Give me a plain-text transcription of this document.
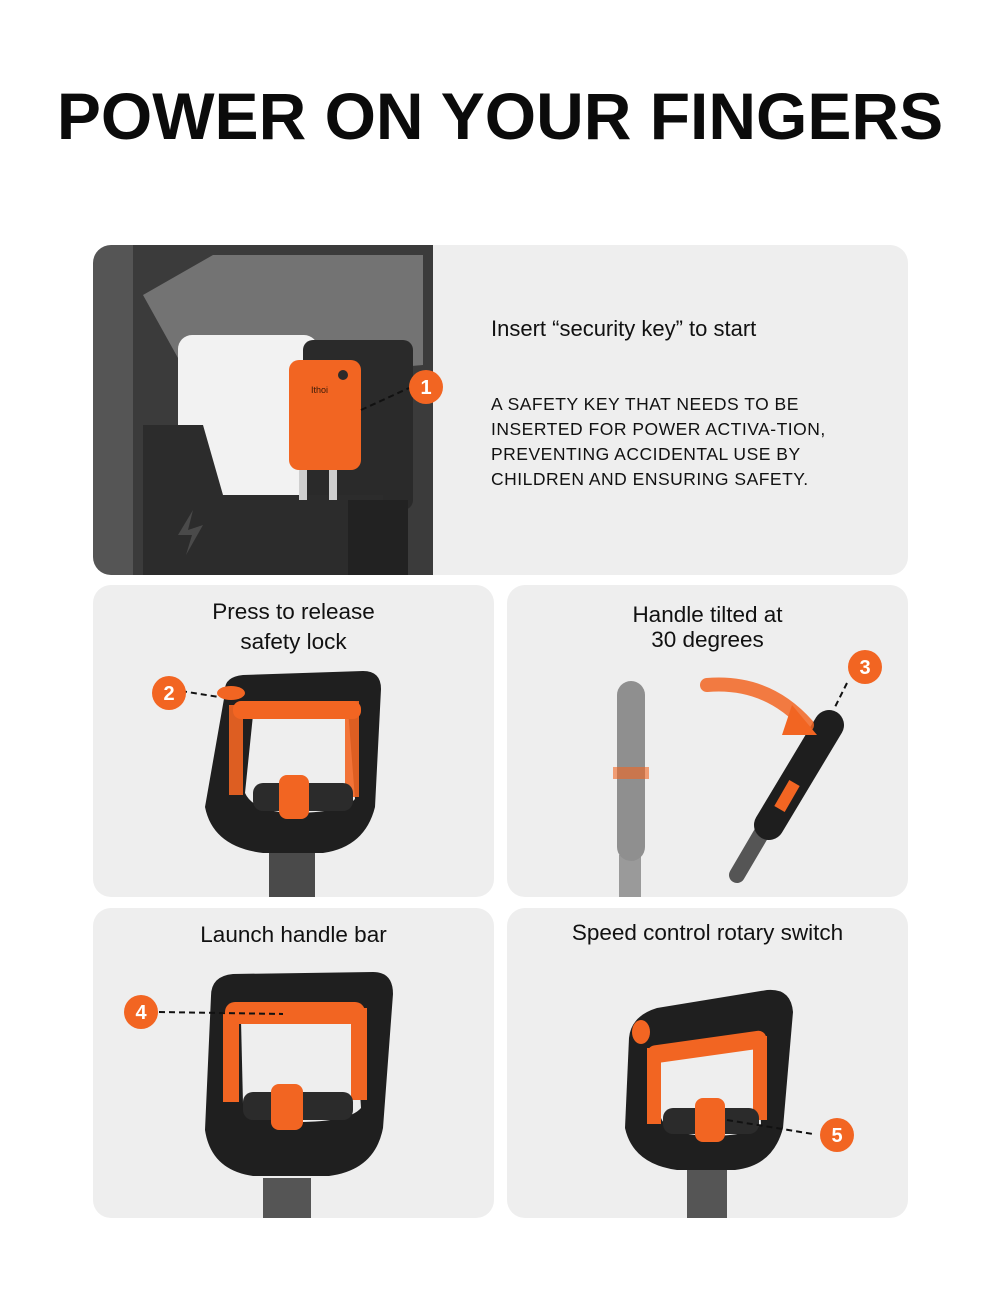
POWER ON YOUR FINGERS
1
Ithoi
Insert “security key” to start
A SAFETY KEY THAT NEEDS TO BE INSERTED FOR POWER ACTIVA-TION, PREVENTING ACCIDENTAL USE BY CHILDREN AND ENSURING SAFETY.
Press to release
safety lock
2
Handle tilted at
30 degrees
3
Launch handle bar
4
Speed control rotary switch
5
